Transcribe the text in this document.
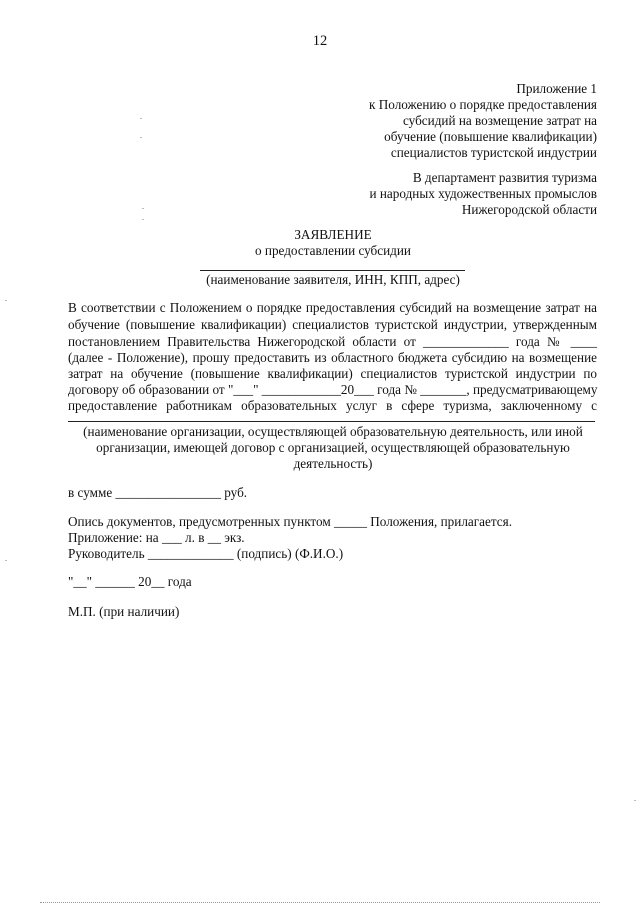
12
Приложение 1
к Положению о порядке предоставления
субсидий на возмещение затрат на
обучение (повышение квалификации)
специалистов туристской индустрии
В департамент развития туризма
и народных художественных промыслов
Нижегородской области
ЗАЯВЛЕНИЕ
о предоставлении субсидии
(наименование заявителя, ИНН, КПП, адрес)
В соответствии с Положением о порядке предоставления субсидий на возмещение затрат на
обучение (повышение квалификации) специалистов туристской индустрии, утвержденным
постановлением Правительства Нижегородской области от _____________ года № ____
(далее - Положение), прошу предоставить из областного бюджета субсидию на возмещение
затрат на обучение (повышение квалификации) специалистов туристской индустрии по
договору об образовании от "___" ____________20___ года № _______, предусматривающему
предоставление работникам образовательных услуг в сфере туризма, заключенному с
(наименование организации, осуществляющей образовательную деятельность, или иной
организации, имеющей договор с организацией, осуществляющей образовательную
деятельность)
в сумме ________________ руб.
Опись документов, предусмотренных пунктом _____ Положения, прилагается.
Приложение: на ___ л. в __ экз.
Руководитель _____________ (подпись) (Ф.И.О.)
"__" ______ 20__ года
М.П. (при наличии)
